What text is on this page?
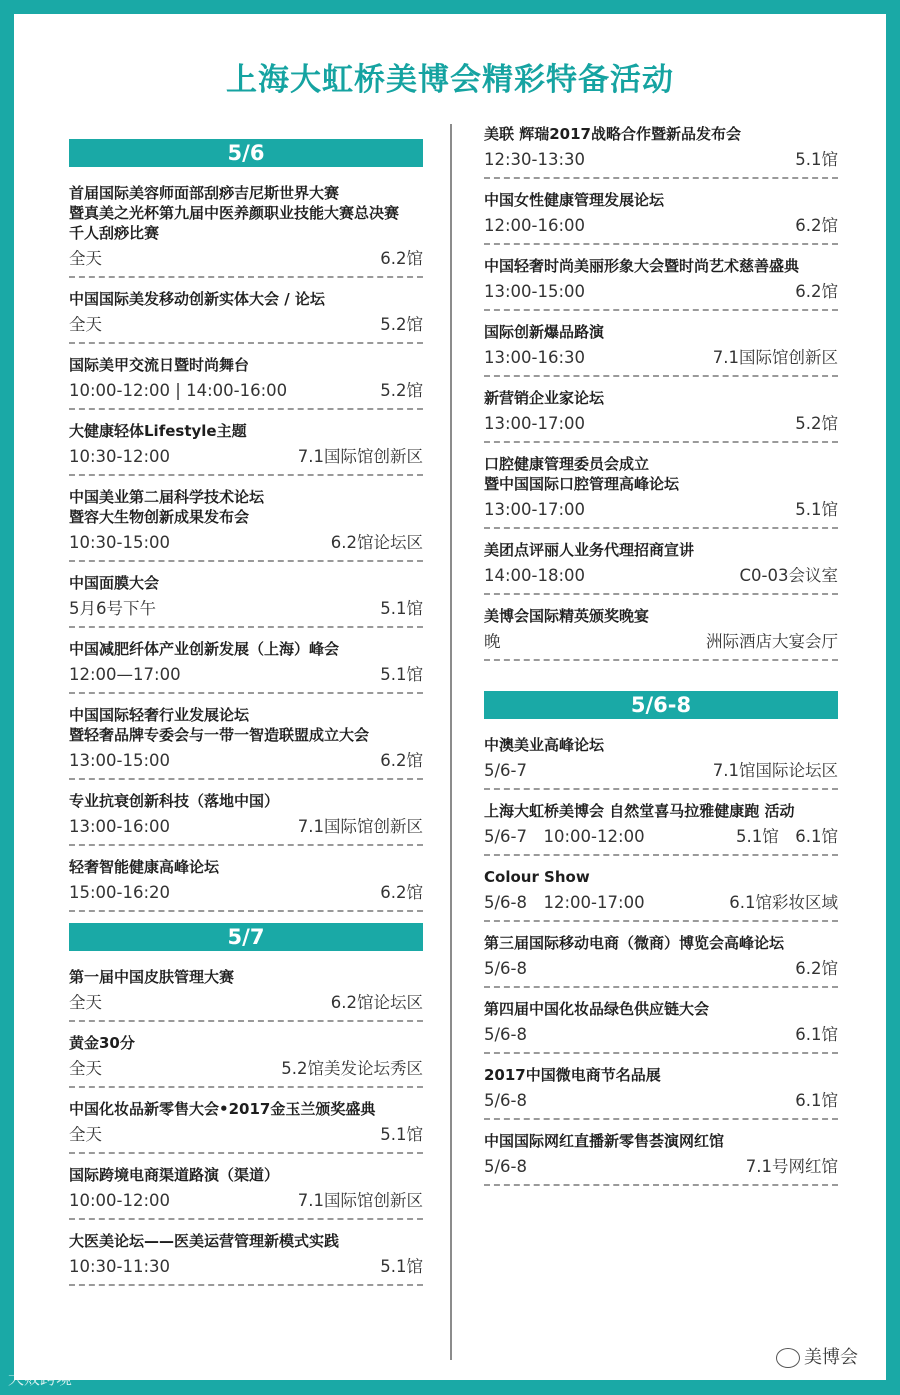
上海大虹桥美博会精彩特备活动
5/6
首届国际美容师面部刮痧吉尼斯世界大赛
暨真美之光杯第九届中医养颜职业技能大赛总决赛
千人刮痧比赛
全天	6.2馆
中国国际美发移动创新实体大会 / 论坛
全天	5.2馆
国际美甲交流日暨时尚舞台
10:00-12:00 | 14:00-16:00	5.2馆
大健康轻体Lifestyle主题
10:30-12:00	7.1国际馆创新区
中国美业第二届科学技术论坛
暨容大生物创新成果发布会
10:30-15:00	6.2馆论坛区
中国面膜大会
5月6号下午	5.1馆
中国减肥纤体产业创新发展（上海）峰会
12:00—17:00	5.1馆
中国国际轻奢行业发展论坛
暨轻奢品牌专委会与一带一智造联盟成立大会
13:00-15:00	6.2馆
专业抗衰创新科技（落地中国）
13:00-16:00	7.1国际馆创新区
轻奢智能健康高峰论坛
15:00-16:20	6.2馆
5/7
第一届中国皮肤管理大赛
全天	6.2馆论坛区
黄金30分
全天	5.2馆美发论坛秀区
中国化妆品新零售大会•2017金玉兰颁奖盛典
全天	5.1馆
国际跨境电商渠道路演（渠道）
10:00-12:00	7.1国际馆创新区
大医美论坛——医美运营管理新模式实践
10:30-11:30	5.1馆
美联 辉瑞2017战略合作暨新品发布会
12:30-13:30	5.1馆
中国女性健康管理发展论坛
12:00-16:00	6.2馆
中国轻奢时尚美丽形象大会暨时尚艺术慈善盛典
13:00-15:00	6.2馆
国际创新爆品路演
13:00-16:30	7.1国际馆创新区
新营销企业家论坛
13:00-17:00	5.2馆
口腔健康管理委员会成立
暨中国国际口腔管理高峰论坛
13:00-17:00	5.1馆
美团点评丽人业务代理招商宣讲
14:00-18:00	C0-03会议室
美博会国际精英颁奖晚宴
晚	洲际酒店大宴会厅
5/6-8
中澳美业高峰论坛
5/6-7	7.1馆国际论坛区
上海大虹桥美博会 自然堂喜马拉雅健康跑 活动
5/6-7　10:00-12:00	5.1馆　6.1馆
Colour Show
5/6-8　12:00-17:00	6.1馆彩妆区域
第三届国际移动电商（微商）博览会高峰论坛
5/6-8	6.2馆
第四届中国化妆品绿色供应链大会
5/6-8	6.1馆
2017中国微电商节名品展
5/6-8	6.1馆
中国国际网红直播新零售荟演网红馆
5/6-8	7.1号网红馆
大败跨境
美博会
